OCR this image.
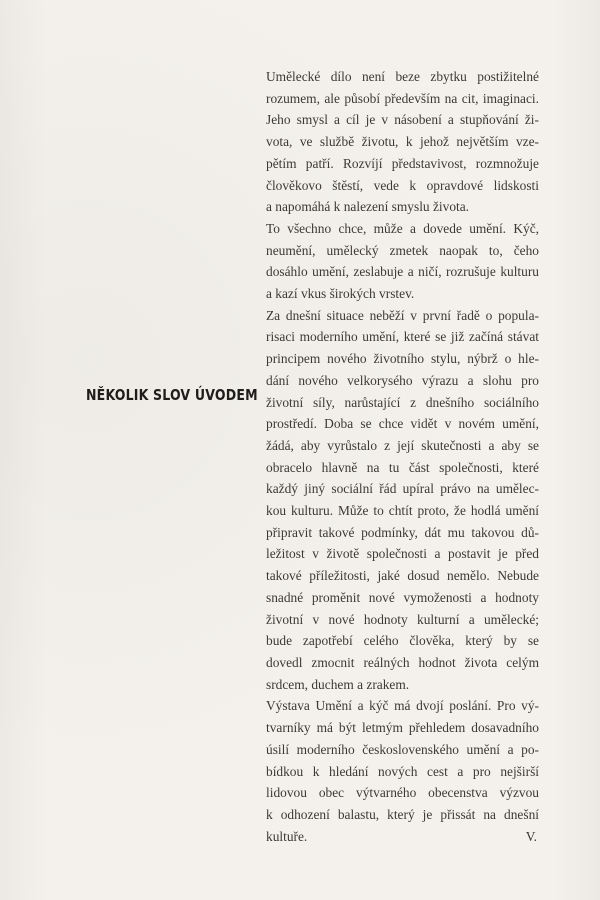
NĚKOLIK SLOV ÚVODEM

Umělecké dílo není beze zbytku postižitelné
rozumem, ale působí především na cit, imaginaci.
Jeho smysl a cíl je v násobení a stupňování ži-
vota, ve službě životu, k jehož největším vze-
pětím patří. Rozvíjí představivost, rozmnožuje
člověkovo štěstí, vede k opravdové lidskosti
a napomáhá k nalezení smyslu života.

To všechno chce, může a dovede umění. Kýč,
neumění, umělecký zmetek naopak to, čeho
dosáhlo umění, zeslabuje a ničí, rozrušuje kulturu
a kazí vkus širokých vrstev.

Za dnešní situace neběží v první řadě o popula-
risaci moderního umění, které se již začíná stávat
principem nového životního stylu, nýbrž o hle-
dání nového velkorysého výrazu a slohu pro
životní síly, narůstající z dnešního sociálního
prostředí. Doba se chce vidět v novém umění,
žádá, aby vyrůstalo z její skutečnosti a aby se
obracelo hlavně na tu část společnosti, které
každý jiný sociální řád upíral právo na umělec-
kou kulturu. Může to chtít proto, že hodlá umění
připravit takové podmínky, dát mu takovou dů-
ležitost v životě společnosti a postavit je před
takové příležitosti, jaké dosud nemělo. Nebude
snadné proměnit nové vymoženosti a hodnoty
životní v nové hodnoty kulturní a umělecké;
bude zapotřebí celého člověka, který by se
dovedl zmocnit reálných hodnot života celým
srdcem, duchem a zrakem.

Výstava Umění a kýč má dvojí poslání. Pro vý-
tvarníky má být letmým přehledem dosavadního
úsilí moderního československého umění a po-
bídkou k hledání nových cest a pro nejširší
lidovou obec výtvarného obecenstva výzvou
k odhození balastu, který je přissát na dnešní
kultuře.	V.
